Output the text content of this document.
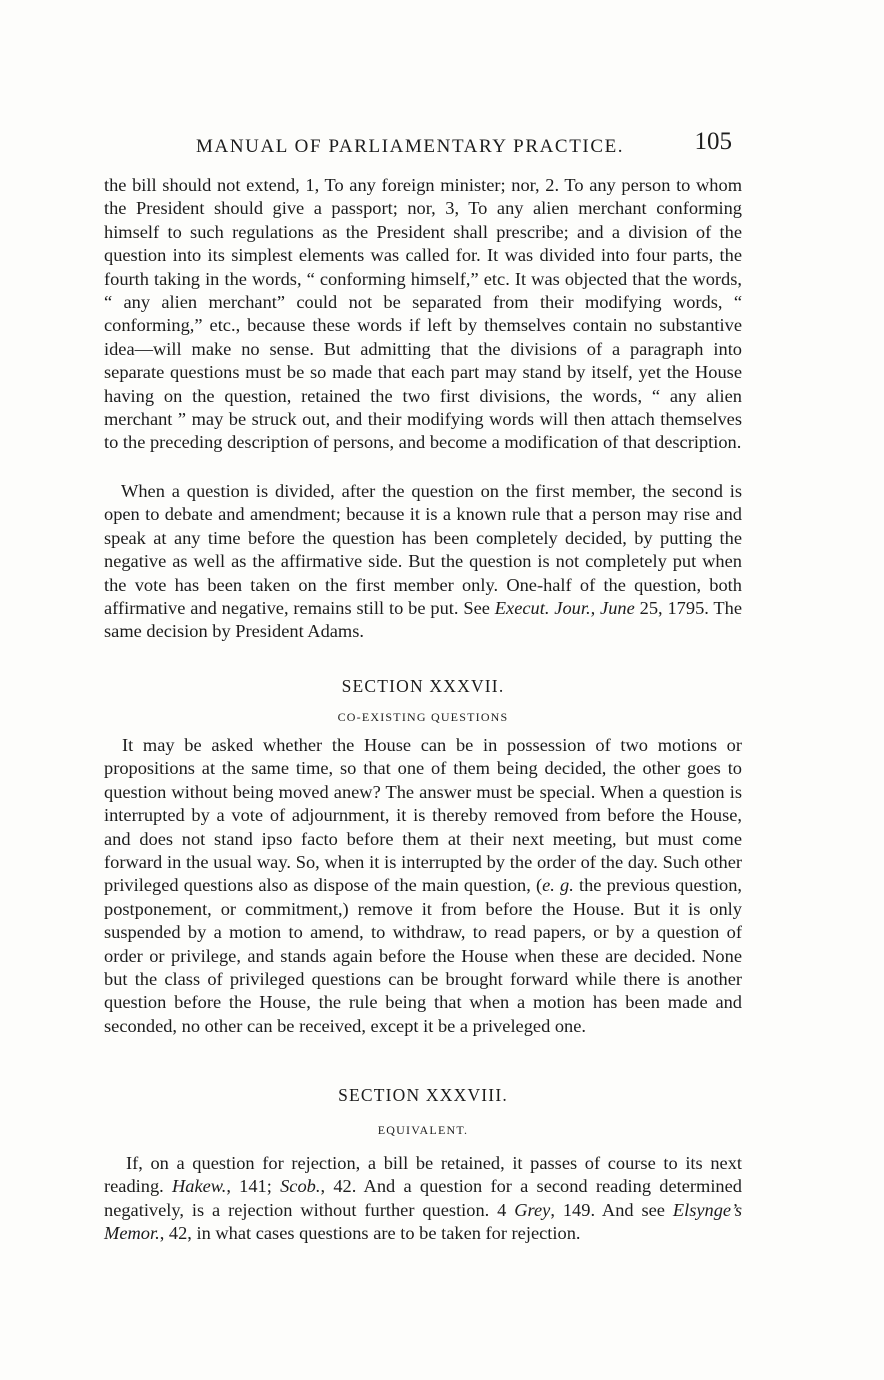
MANUAL OF PARLIAMENTARY PRACTICE.	105

the bill should not extend, 1, To any foreign minister; nor, 2. To any person to whom the President should give a passport; nor, 3, To any alien merchant conforming himself to such regulations as the President shall prescribe; and a division of the question into its simplest elements was called for. It was divided into four parts, the fourth taking in the words, “ conforming himself,” etc. It was objected that the words, “ any alien merchant” could not be separated from their modifying words, “ conforming,” etc., because these words if left by themselves contain no substantive idea—will make no sense. But admitting that the divisions of a paragraph into separate questions must be so made that each part may stand by itself, yet the House having on the question, retained the two first divisions, the words, “ any alien merchant ” may be struck out, and their modifying words will then attach themselves to the preceding description of persons, and become a modification of that description.

When a question is divided, after the question on the first member, the second is open to debate and amendment; because it is a known rule that a person may rise and speak at any time before the question has been completely decided, by putting the negative as well as the affirmative side. But the question is not completely put when the vote has been taken on the first member only. One-half of the question, both affirmative and negative, remains still to be put. See Execut. Jour., June 25, 1795. The same decision by President Adams.

SECTION XXXVII.
CO-EXISTING QUESTIONS

It may be asked whether the House can be in possession of two motions or propositions at the same time, so that one of them being decided, the other goes to question without being moved anew? The answer must be special. When a question is interrupted by a vote of adjournment, it is thereby removed from before the House, and does not stand ipso facto before them at their next meeting, but must come forward in the usual way. So, when it is interrupted by the order of the day. Such other privileged questions also as dispose of the main question, (e. g. the previous question, postponement, or commitment,) remove it from before the House. But it is only suspended by a motion to amend, to withdraw, to read papers, or by a question of order or privilege, and stands again before the House when these are decided. None but the class of privileged questions can be brought forward while there is another question before the House, the rule being that when a motion has been made and seconded, no other can be received, except it be a priveleged one.

SECTION XXXVIII.
EQUIVALENT.

If, on a question for rejection, a bill be retained, it passes of course to its next reading. Hakew., 141; Scob., 42. And a question for a second reading determined negatively, is a rejection without further question. 4 Grey, 149. And see Elsynge’s Memor., 42, in what cases questions are to be taken for rejection.
